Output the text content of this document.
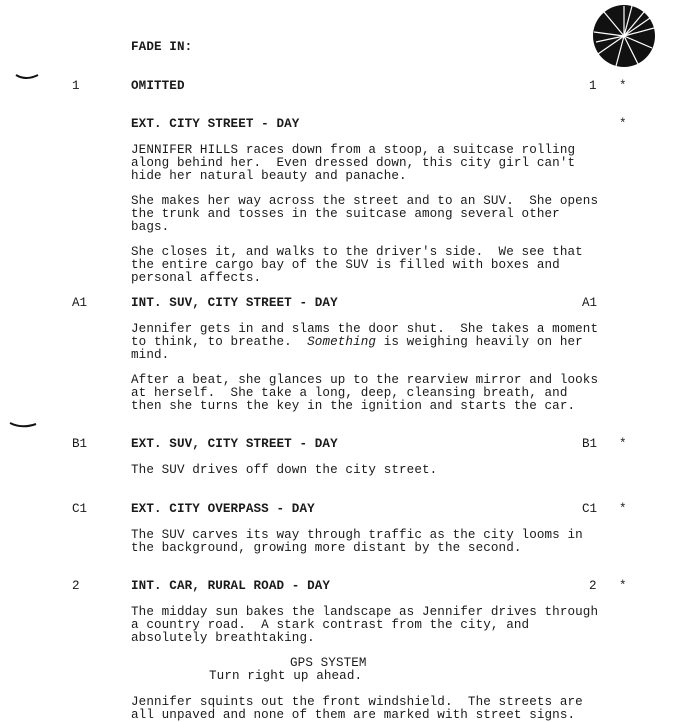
FADE IN:
1	OMITTED	1 *
EXT. CITY STREET - DAY	*
JENNIFER HILLS races down from a stoop, a suitcase rolling
along behind her.  Even dressed down, this city girl can't
hide her natural beauty and panache.
She makes her way across the street and to an SUV.  She opens
the trunk and tosses in the suitcase among several other
bags.
She closes it, and walks to the driver's side.  We see that
the entire cargo bay of the SUV is filled with boxes and
personal affects.
A1	INT. SUV, CITY STREET - DAY	A1
Jennifer gets in and slams the door shut.  She takes a moment
to think, to breathe.  Something is weighing heavily on her
mind.
After a beat, she glances up to the rearview mirror and looks
at herself.  She take a long, deep, cleansing breath, and
then she turns the key in the ignition and starts the car.
B1	EXT. SUV, CITY STREET - DAY	B1 *
The SUV drives off down the city street.
C1	EXT. CITY OVERPASS - DAY	C1 *
The SUV carves its way through traffic as the city looms in
the background, growing more distant by the second.
2	INT. CAR, RURAL ROAD - DAY	2 *
The midday sun bakes the landscape as Jennifer drives through
a country road.  A stark contrast from the city, and
absolutely breathtaking.
GPS SYSTEM
Turn right up ahead.
Jennifer squints out the front windshield.  The streets are
all unpaved and none of them are marked with street signs.
